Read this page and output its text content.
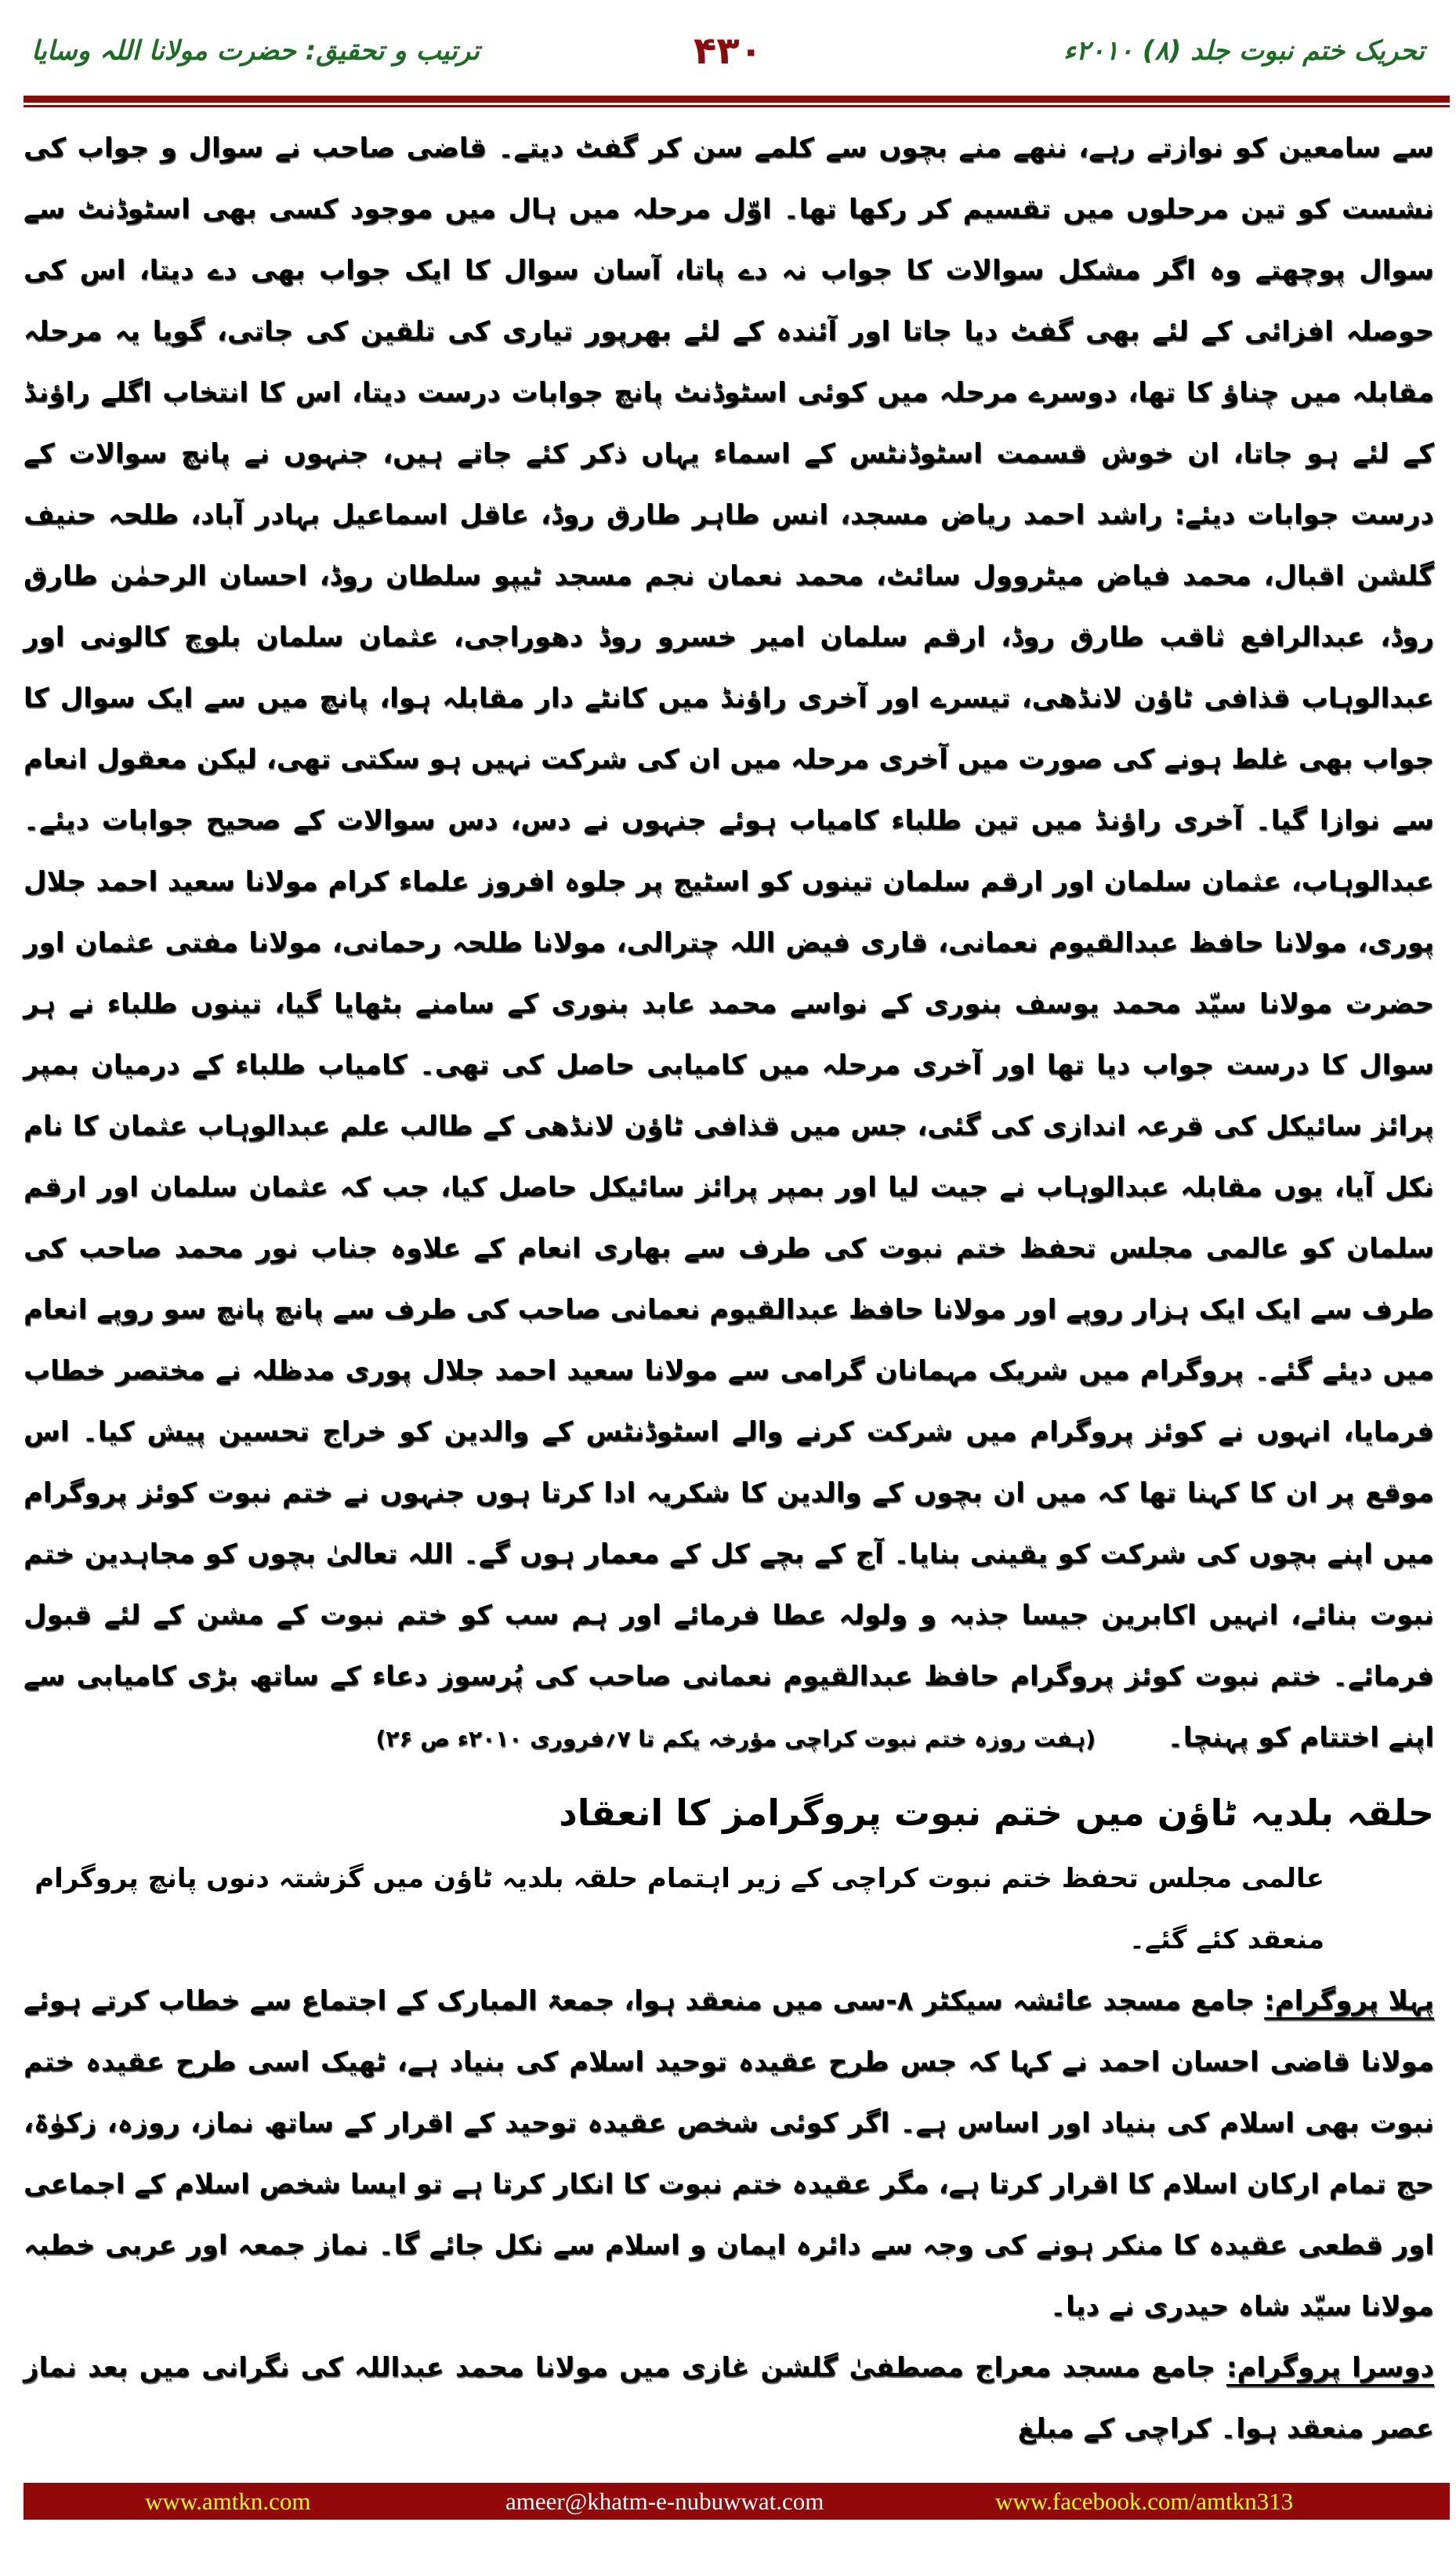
تحریک ختم نبوت جلد (۸) ۲۰۱۰ء
۴۳۰
ترتیب و تحقیق: حضرت مولانا اللہ وسایا
سے سامعین کو نوازتے رہے، ننھے منے بچوں سے کلمے سن کر گفٹ دیتے۔ قاضی صاحب نے سوال و جواب کی نشست کو تین مرحلوں میں تقسیم کر رکھا تھا۔ اوّل مرحلہ میں ہال میں موجود کسی بھی اسٹوڈنٹ سے سوال پوچھتے وہ اگر مشکل سوالات کا جواب نہ دے پاتا، آسان سوال کا ایک جواب بھی دے دیتا، اس کی حوصلہ افزائی کے لئے بھی گفٹ دیا جاتا اور آئندہ کے لئے بھرپور تیاری کی تلقین کی جاتی، گویا یہ مرحلہ مقابلہ میں چناؤ کا تھا، دوسرے مرحلہ میں کوئی اسٹوڈنٹ پانچ جوابات درست دیتا، اس کا انتخاب اگلے راؤنڈ کے لئے ہو جاتا، ان خوش قسمت اسٹوڈنٹس کے اسماء یہاں ذکر کئے جاتے ہیں، جنہوں نے پانچ سوالات کے درست جوابات دیئے: راشد احمد ریاض مسجد، انس طاہر طارق روڈ، عاقل اسماعیل بہادر آباد، طلحہ حنیف گلشن اقبال، محمد فیاض میٹروول سائٹ، محمد نعمان نجم مسجد ٹیپو سلطان روڈ، احسان الرحمٰن طارق روڈ، عبدالرافع ثاقب طارق روڈ، ارقم سلمان امیر خسرو روڈ دھوراجی، عثمان سلمان بلوچ کالونی اور عبدالوہاب قذافی ٹاؤن لانڈھی، تیسرے اور آخری راؤنڈ میں کانٹے دار مقابلہ ہوا، پانچ میں سے ایک سوال کا جواب بھی غلط ہونے کی صورت میں آخری مرحلہ میں ان کی شرکت نہیں ہو سکتی تھی، لیکن معقول انعام سے نوازا گیا۔ آخری راؤنڈ میں تین طلباء کامیاب ہوئے جنہوں نے دس، دس سوالات کے صحیح جوابات دیئے۔ عبدالوہاب، عثمان سلمان اور ارقم سلمان تینوں کو اسٹیج پر جلوہ افروز علماء کرام مولانا سعید احمد جلال پوری، مولانا حافظ عبدالقیوم نعمانی، قاری فیض اللہ چترالی، مولانا طلحہ رحمانی، مولانا مفتی عثمان اور حضرت مولانا سیّد محمد یوسف بنوری کے نواسے محمد عابد بنوری کے سامنے بٹھایا گیا، تینوں طلباء نے ہر سوال کا درست جواب دیا تھا اور آخری مرحلہ میں کامیابی حاصل کی تھی۔ کامیاب طلباء کے درمیان بمپر پرائز سائیکل کی قرعہ اندازی کی گئی، جس میں قذافی ٹاؤن لانڈھی کے طالب علم عبدالوہاب عثمان کا نام نکل آیا، یوں مقابلہ عبدالوہاب نے جیت لیا اور بمپر پرائز سائیکل حاصل کیا، جب کہ عثمان سلمان اور ارقم سلمان کو عالمی مجلس تحفظ ختم نبوت کی طرف سے بھاری انعام کے علاوہ جناب نور محمد صاحب کی طرف سے ایک ایک ہزار روپے اور مولانا حافظ عبدالقیوم نعمانی صاحب کی طرف سے پانچ پانچ سو روپے انعام میں دیئے گئے۔ پروگرام میں شریک مہمانان گرامی سے مولانا سعید احمد جلال پوری مدظلہ نے مختصر خطاب فرمایا، انہوں نے کوئز پروگرام میں شرکت کرنے والے اسٹوڈنٹس کے والدین کو خراج تحسین پیش کیا۔ اس موقع پر ان کا کہنا تھا کہ میں ان بچوں کے والدین کا شکریہ ادا کرتا ہوں جنہوں نے ختم نبوت کوئز پروگرام میں اپنے بچوں کی شرکت کو یقینی بنایا۔ آج کے بچے کل کے معمار ہوں گے۔ اللہ تعالیٰ بچوں کو مجاہدین ختم نبوت بنائے، انہیں اکابرین جیسا جذبہ و ولولہ عطا فرمائے اور ہم سب کو ختم نبوت کے مشن کے لئے قبول فرمائے۔ ختم نبوت کوئز پروگرام حافظ عبدالقیوم نعمانی صاحب کی پُرسوز دعاء کے ساتھ بڑی کامیابی سے اپنے اختتام کو پہنچا۔ (ہفت روزہ ختم نبوت کراچی مؤرخہ یکم تا ۷؍فروری ۲۰۱۰ء ص ۲۶)
حلقہ بلدیہ ٹاؤن میں ختم نبوت پروگرامز کا انعقاد
عالمی مجلس تحفظ ختم نبوت کراچی کے زیر اہتمام حلقہ بلدیہ ٹاؤن میں گزشتہ دنوں پانچ پروگرام منعقد کئے گئے۔
پہلا پروگرام: جامع مسجد عائشہ سیکٹر ۸-سی میں منعقد ہوا، جمعۃ المبارک کے اجتماع سے خطاب کرتے ہوئے مولانا قاضی احسان احمد نے کہا کہ جس طرح عقیدہ توحید اسلام کی بنیاد ہے، ٹھیک اسی طرح عقیدہ ختم نبوت بھی اسلام کی بنیاد اور اساس ہے۔ اگر کوئی شخص عقیدہ توحید کے اقرار کے ساتھ نماز، روزہ، زکوٰۃ، حج تمام ارکان اسلام کا اقرار کرتا ہے، مگر عقیدہ ختم نبوت کا انکار کرتا ہے تو ایسا شخص اسلام کے اجماعی اور قطعی عقیدہ کا منکر ہونے کی وجہ سے دائرہ ایمان و اسلام سے نکل جائے گا۔ نماز جمعہ اور عربی خطبہ مولانا سیّد شاہ حیدری نے دیا۔
دوسرا پروگرام: جامع مسجد معراج مصطفیٰ گلشن غازی میں مولانا محمد عبداللہ کی نگرانی میں بعد نماز عصر منعقد ہوا۔ کراچی کے مبلغ
www.amtkn.com	ameer@khatm-e-nubuwwat.com	www.facebook.com/amtkn313
